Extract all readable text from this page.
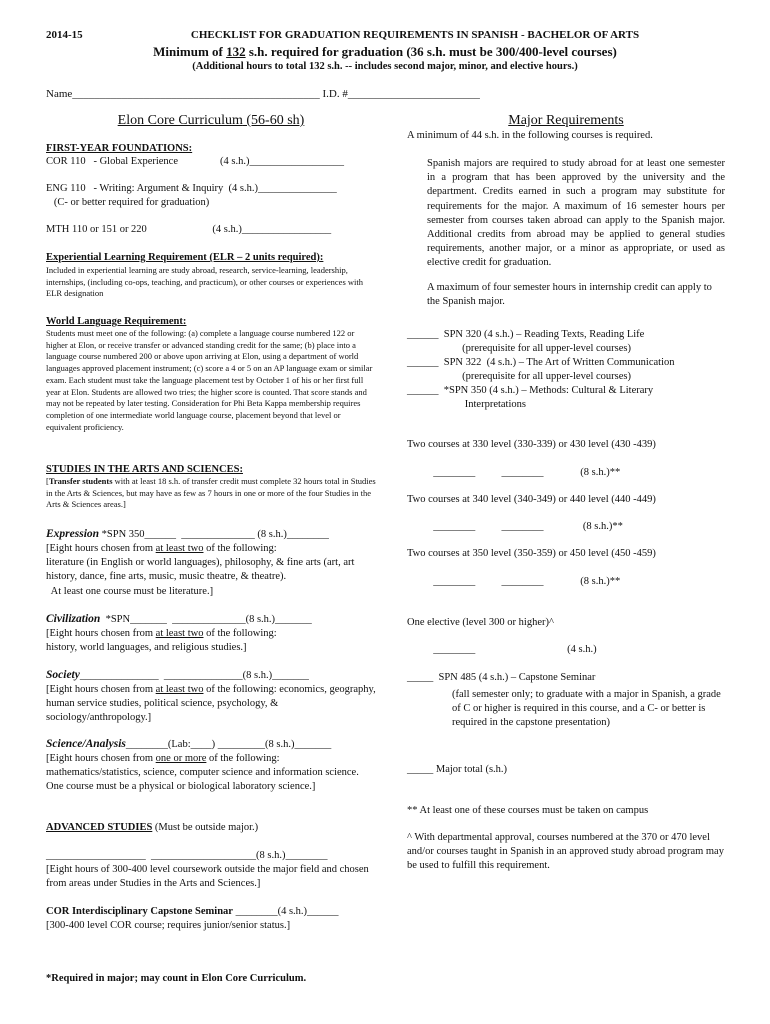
2014-15	CHECKLIST FOR GRADUATION REQUIREMENTS IN SPANISH - BACHELOR OF ARTS
Minimum of 132 s.h. required for graduation (36 s.h. must be 300/400-level courses)
(Additional hours to total 132 s.h. -- includes second major, minor, and elective hours.)
Name_____________________________________________ I.D. #________________________
Elon Core Curriculum (56-60 sh)
FIRST-YEAR FOUNDATIONS:
COR 110   - Global Experience                (4 s.h.)__________________
ENG 110   - Writing: Argument & Inquiry  (4 s.h.)_______________
(C- or better required for graduation)
MTH 110 or 151 or 220                         (4 s.h.)_________________
Experiential Learning Requirement (ELR – 2 units required):
Included in experiential learning are study abroad, research, service-learning, leadership, internships, (including co-ops, teaching, and practicum), or other courses or experiences with ELR designation
World Language Requirement:
Students must meet one of the following: (a) complete a language course numbered 122 or higher at Elon, or receive transfer or advanced standing credit for the same; (b) place into a language course numbered 200 or above upon arriving at Elon, using a department of world languages approved placement instrument; (c) score a 4 or 5 on an AP language exam or similar exam. Each student must take the language placement test by October 1 of his or her first full year at Elon. Students are allowed two tries; the higher score is counted. That score stands and may not be repeated by later testing. Consideration for Phi Beta Kappa membership requires completion of one intermediate world language course, placement beyond that level or equivalent proficiency.
STUDIES IN THE ARTS AND SCIENCES:
[Transfer students with at least 18 s.h. of transfer credit must complete 32 hours total in Studies in the Arts & Sciences, but may have as few as 7 hours in one or more of the four Studies in the Arts & Sciences areas.]
Expression *SPN 350______  ______________ (8 s.h.)________
[Eight hours chosen from at least two of the following:
literature (in English or world languages), philosophy, & fine arts (art, art history, dance, fine arts, music, music theatre, & theatre).
At least one course must be literature.]
Civilization  *SPN_______  ______________(8 s.h.)_______
[Eight hours chosen from at least two of the following:
history, world languages, and religious studies.]
Society_______________  _______________(8 s.h.)_______
[Eight hours chosen from at least two of the following: economics, geography, human service studies, political science, psychology, & sociology/anthropology.]
Science/Analysis________(Lab:____) _________(8 s.h.)_______
[Eight hours chosen from one or more of the following:
mathematics/statistics, science, computer science and information science. One course must be a physical or biological laboratory science.]
ADVANCED STUDIES (Must be outside major.)
___________________  ____________________(8 s.h.)________
[Eight hours of 300-400 level coursework outside the major field and chosen from areas under Studies in the Arts and Sciences.]
COR Interdisciplinary Capstone Seminar ________(4 s.h.)______
[300-400 level COR course; requires junior/senior status.]
*Required in major; may count in Elon Core Curriculum.
Major Requirements
A minimum of 44 s.h. in the following courses is required.
Spanish majors are required to study abroad for at least one semester in a program that has been approved by the university and the department. Credits earned in such a program may substitute for requirements for the major. A maximum of 16 semester hours per semester from courses taken abroad can apply to the Spanish major. Additional credits from abroad may be applied to general studies requirements, another major, or a minor as appropriate, or used as elective credit for graduation.
A maximum of four semester hours in internship credit can apply to the Spanish major.
______  SPN 320 (4 s.h.) – Reading Texts, Reading Life
(prerequisite for all upper-level courses)
______  SPN 322  (4 s.h.) – The Art of Written Communication
(prerequisite for all upper-level courses)
______  *SPN 350 (4 s.h.) – Methods: Cultural & Literary
Interpretations
Two courses at 330 level (330-339) or 430 level (430 -439)
________          ________              (8 s.h.)**
Two courses at 340 level (340-349) or 440 level (440 -449)
________          ________               (8 s.h.)**
Two courses at 350 level (350-359) or 450 level (450 -459)
________          ________              (8 s.h.)**
One elective (level 300 or higher)^
________                                   (4 s.h.)
_____  SPN 485 (4 s.h.) – Capstone Seminar
(fall semester only; to graduate with a major in Spanish, a grade of C or higher is required in this course, and a C- or better is required in the capstone presentation)
_____ Major total (s.h.)
** At least one of these courses must be taken on campus
^ With departmental approval, courses numbered at the 370 or 470 level and/or courses taught in Spanish in an approved study abroad program may be used to fulfill this requirement.
